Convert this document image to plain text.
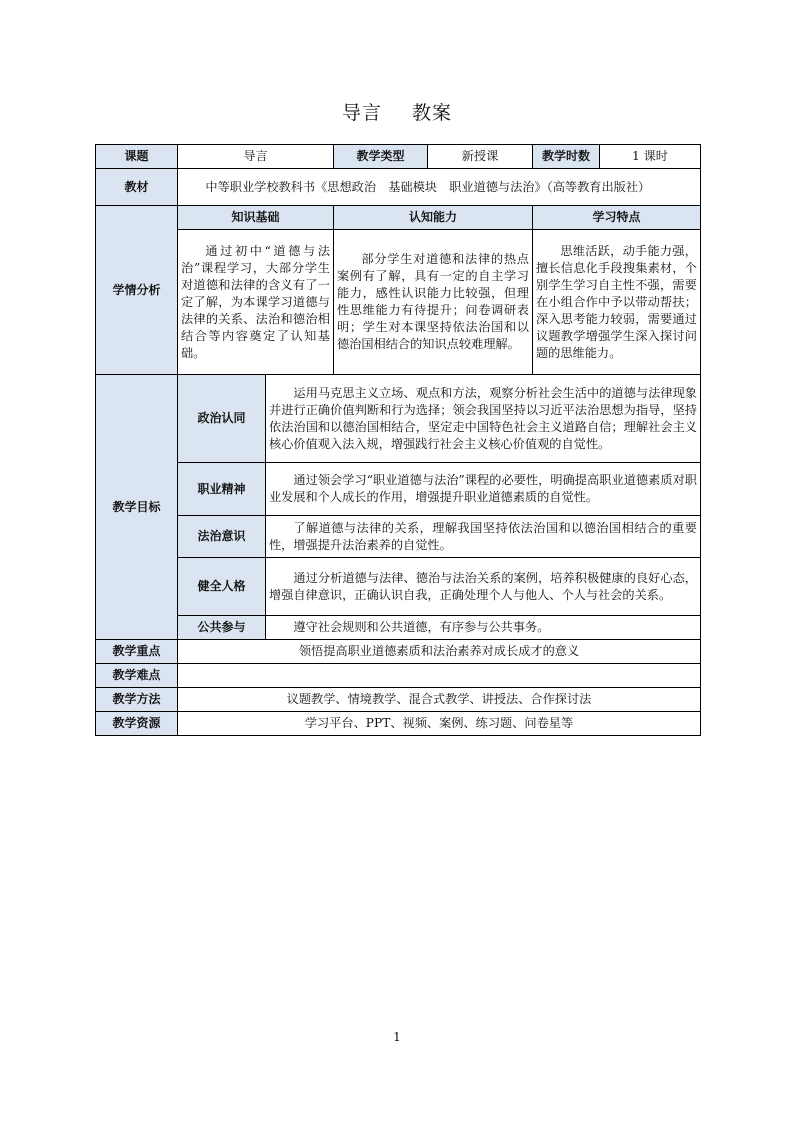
导言 教案
课题	导言		教学类型	新授课	教学时数	1 课时
教材	中等职业学校教科书《思想政治　基础模块　职业道德与法治》（高等教育出版社）					

学情分析	知识基础		认知能力		学习特点	

	通过初中“道德与法治”课程学习，大部分学生对道德和法律的含义有了一定了解，为本课学习道德与法律的关系、法治和德治相结合等内容奠定了认知基础。		部分学生对道德和法律的热点案例有了解，具有一定的自主学习能力，感性认识能力比较强，但理性思维能力有待提升；问卷调研表明；学生对本课坚持依法治国和以德治国相结合的知识点较难理解。		思维活跃，动手能力强，擅长信息化手段搜集素材，个别学生学习自主性不强，需要在小组合作中予以带动帮扶；深入思考能力较弱，需要通过议题教学增强学生深入探讨问题的思维能力。	

教学目标	政治认同	运用马克思主义立场、观点和方法，观察分析社会生活中的道德与法律现象并进行正确价值判断和行为选择；领会我国坚持以习近平法治思想为指导，坚持依法治国和以德治国相结合，坚定走中国特色社会主义道路自信；理解社会主义核心价值观入法入规，增强践行社会主义核心价值观的自觉性。				

	职业精神	通过领会学习“职业道德与法治”课程的必要性，明确提高职业道德素质对职业发展和个人成长的作用，增强提升职业道德素质的自觉性。				

	法治意识	了解道德与法律的关系，理解我国坚持依法治国和以德治国相结合的重要性，增强提升法治素养的自觉性。				

	健全人格	通过分析道德与法律、德治与法治关系的案例，培养积极健康的良好心态，增强自律意识，正确认识自我，正确处理个人与他人、个人与社会的关系。				

	公共参与	遵守社会规则和公共道德，有序参与公共事务。				

教学重点	领悟提高职业道德素质和法治素养对成长成才的意义					
教学难点						
教学方法	议题教学、情境教学、混合式教学、讲授法、合作探讨法					
教学资源	学习平台、PPT、视频、案例、练习题、问卷星等					
1
